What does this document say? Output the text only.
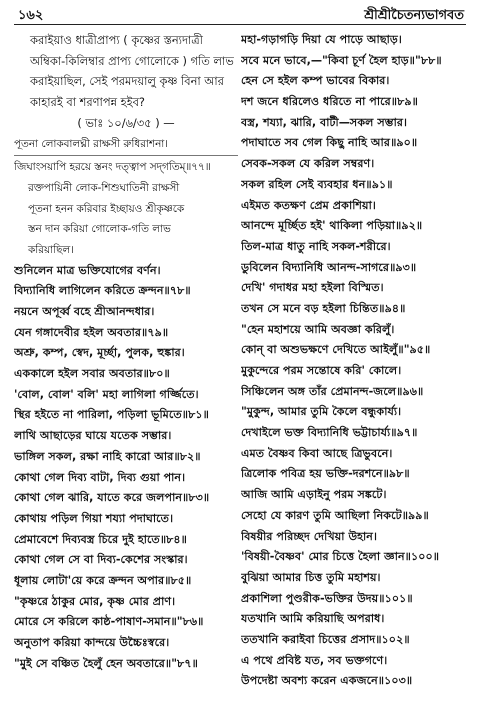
১৬২	শ্রীশ্রীচৈতন্যভাগবত
করাইয়াও ধাত্রীপ্রাপ্য ( কৃষ্ণের স্তন্যদাত্রী অম্বিকা-কিলিম্বার প্রাপ্য গোলোকে ) গতি লাভ করাইয়াছিল, সেই পরমদয়ালু কৃষ্ণ বিনা আর কাহারই বা শরণাপন্ন হইব?
( ভাঃ ১০/৬/৩৫ ) —
পূতনা লোকবালঘ্নী রাক্ষসী রুধিরাশনা।
জিঘাংসয়াপি হরয়ে স্তনং দত্ত্বাপ সদ্‌গতিম্॥৭৭॥
রক্তপায়িনী লোক-শিশুঘাতিনী রাক্ষসী
পূতনা হনন করিবার ইচ্ছায়ও শ্রীকৃষ্ণকে
স্তন দান করিয়া গোলোক-গতি লাভ
করিয়াছিল।
শুনিলেন মাত্র ভক্তিযোগের বর্ণন।
বিদ্যানিধি লাগিলেন করিতে ক্রন্দন॥৭৮॥
নয়নে অপূর্ব্ব বহে শ্রীআনন্দধার।
যেন গঙ্গাদেবীর হইল অবতার॥৭৯॥
অশ্রু, কম্প, স্বেদ, মূর্চ্ছা, পুলক, হুঙ্কার।
এককালে হইল সবার অবতার॥৮০॥
'বোল, বোল' বলি' মহা লাগিলা গর্জ্জিতে।
স্থির হইতে না পারিলা, পড়িলা ভূমিতে॥৮১॥
লাথি আছাড়ের ঘায়ে যতেক সম্ভার।
ভাঙ্গিল সকল, রক্ষা নাহি কারো আর॥৮২॥
কোথা গেল দিব্য বাটা, দিব্য গুয়া পান।
কোথা গেল ঝারি, যাতে করে জলপান॥৮৩॥
কোথায় পড়িল গিয়া শয্যা পদাঘাতে।
প্রেমাবেশে দিব্যবস্ত্র চিরে দুই হাতে॥৮৪॥
কোথা গেল সে বা দিব্য-কেশের সংস্কার।
ধূলায় লোটা'য়ে করে ক্রন্দন অপার॥৮৫॥
"কৃষ্ণরে ঠাকুর মোর, কৃষ্ণ মোর প্রাণ।
মোরে সে করিলে কাষ্ঠ-পাষাণ-সমান॥"৮৬॥
অনুতাপ করিয়া কান্দয়ে উচ্চৈঃস্বরে।
"মুই সে বঞ্চিত হৈলুঁ হেন অবতারে॥"৮৭॥
মহা-গড়াগড়ি দিয়া যে পাড়ে আছাড়।
সবে মনে ভাবে,—"কিবা চূর্ণ হৈল হাড়॥"৮৮॥
হেন সে হইল কম্প ভাবের বিকার।
দশ জনে ধরিলেও ধরিতে না পারে॥৮৯॥
বস্ত্র, শয্যা, ঝারি, বাটী—সকল সম্ভার।
পদাঘাতে সব গেল কিছু নাহি আর॥৯০॥
সেবক-সকল যে করিল সম্বরণ।
সকল রহিল সেই ব্যবহার ধন॥৯১॥
এইমত কতক্ষণ প্রেম প্রকাশিয়া।
আনন্দে মূর্চ্ছিত হই' থাকিলা পড়িয়া॥৯২॥
তিল-মাত্র ধাতু নাহি সকল-শরীরে।
ডুবিলেন বিদ্যানিধি আনন্দ-সাগরে॥৯৩॥
দেখি' গদাধর মহা হইলা বিস্মিত।
তখন সে মনে বড় হইলা চিন্তিত॥৯৪॥
"হেন মহাশয়ে আমি অবজ্ঞা করিলুঁ।
কোন্ বা অশুভক্ষণে দেখিতে আইলুঁ॥"৯৫॥
মুকুন্দেরে পরম সন্তোষে করি' কোলে।
সিঞ্চিলেন অঙ্গ তাঁর প্রেমানন্দ-জলে॥৯৬॥
"মুকুন্দ, আমার তুমি কৈলে বন্ধুকার্য্য।
দেখাইলে ভক্ত বিদ্যানিধি ভট্টাচার্য্য॥৯৭॥
এমত বৈষ্ণব কিবা আছে ত্রিভুবনে।
ত্রিলোক পবিত্র হয় ভক্তি-দরশনে॥৯৮॥
আজি আমি এড়াইনু পরম সঙ্কটে।
সেহো যে কারণ তুমি আছিলা নিকটে॥৯৯॥
বিষয়ীর পরিচ্ছদ দেখিয়া উহান।
'বিষয়ী-বৈষ্ণব' মোর চিত্তে হৈলা জ্ঞান॥১০০॥
বুঝিয়া আমার চিত্ত তুমি মহাশয়।
প্রকাশিলা পুণ্ডরীক-ভক্তির উদয়॥১০১॥
যতখানি আমি করিয়াছি অপরাধ।
ততখানি করাইবা চিত্তের প্রসাদ॥১০২॥
এ পথে প্রবিষ্ট যত, সব ভক্তগণে।
উপদেষ্টা অবশ্য করেন একজনে॥১০৩॥
